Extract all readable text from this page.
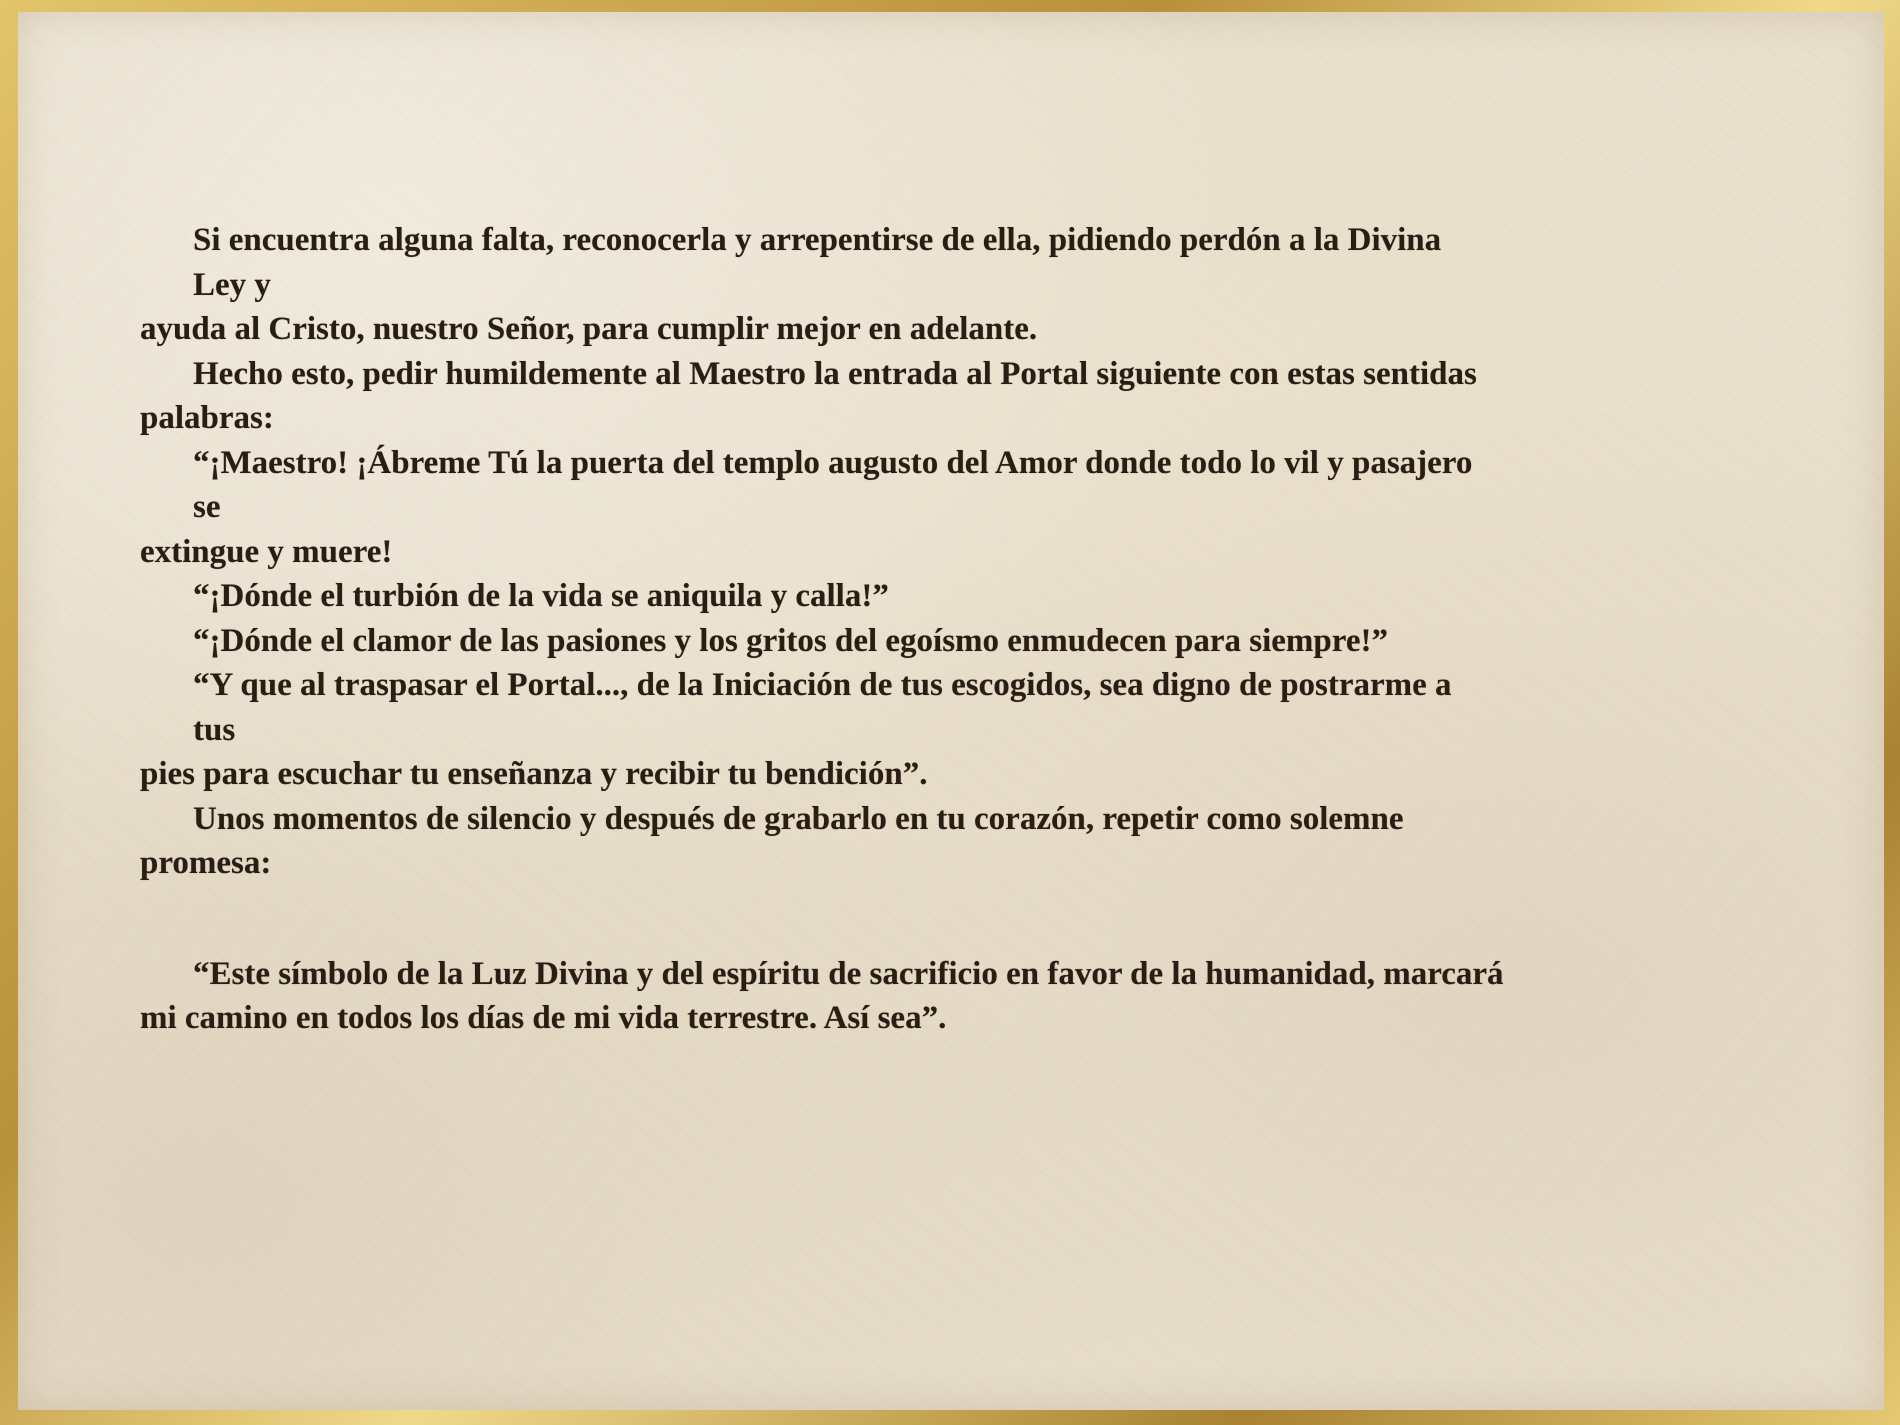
Si encuentra alguna falta, reconocerla y arrepentirse de ella, pidiendo perdón a la Divina
Ley y
ayuda al Cristo, nuestro Señor, para cumplir mejor en adelante.
Hecho esto, pedir humildemente al Maestro la entrada al Portal siguiente con estas sentidas
palabras:
“¡Maestro! ¡Ábreme Tú la puerta del templo augusto del Amor donde todo lo vil y pasajero
se
extingue y muere!
“¡Dónde el turbión de la vida se aniquila y calla!”
“¡Dónde el clamor de las pasiones y los gritos del egoísmo enmudecen para siempre!”
“Y que al traspasar el Portal..., de la Iniciación de tus escogidos, sea digno de postrarme a
tus
pies para escuchar tu enseñanza y recibir tu bendición”.
Unos momentos de silencio y después de grabarlo en tu corazón, repetir como solemne
promesa:
“Este símbolo de la Luz Divina y del espíritu de sacrificio en favor de la humanidad, marcará
mi camino en todos los días de mi vida terrestre. Así sea”.
